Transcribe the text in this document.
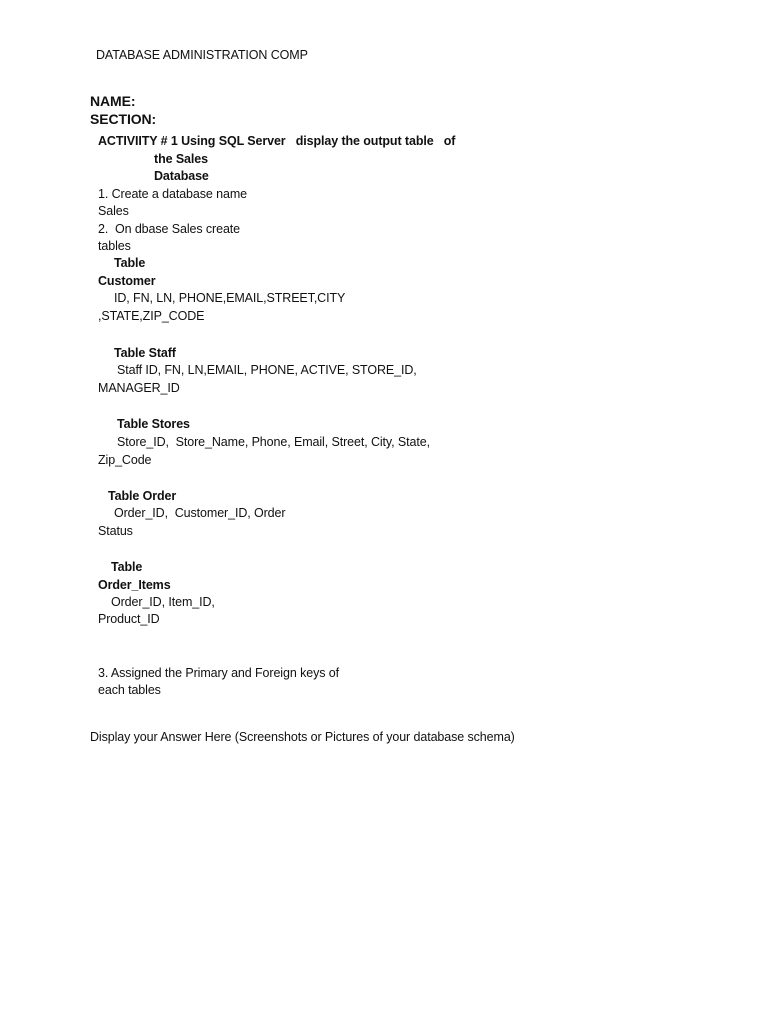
DATABASE ADMINISTRATION COMP
NAME:
SECTION:
ACTIVIITY # 1 Using SQL Server   display the output table   of
the Sales
Database
1. Create a database name
Sales
2.  On dbase Sales create
tables
Table
Customer
ID, FN, LN, PHONE,EMAIL,STREET,CITY
,STATE,ZIP_CODE
Table Staff
Staff ID, FN, LN,EMAIL, PHONE, ACTIVE, STORE_ID,
MANAGER_ID
Table Stores
Store_ID,  Store_Name, Phone, Email, Street, City, State,
Zip_Code
Table Order
Order_ID,  Customer_ID, Order
Status
Table
Order_Items
Order_ID, Item_ID,
Product_ID
3. Assigned the Primary and Foreign keys of
each tables
Display your Answer Here (Screenshots or Pictures of your database schema)
